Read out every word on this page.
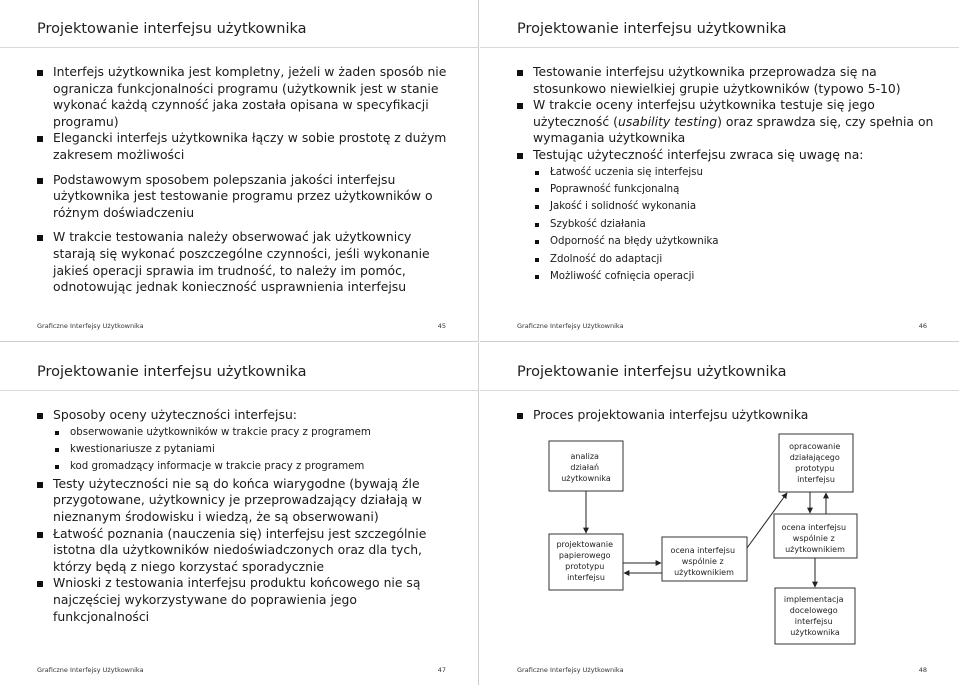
Projektowanie interfejsu użytkownika
Interfejs użytkownika jest kompletny, jeżeli w żaden sposób nie ogranicza funkcjonalności programu (użytkownik jest w stanie wykonać każdą czynność jaka została opisana w specyfikacji programu)
Elegancki interfejs użytkownika łączy w sobie prostotę z dużym zakresem możliwości
Podstawowym sposobem polepszania jakości interfejsu użytkownika jest testowanie programu przez użytkowników o różnym doświadczeniu
W trakcie testowania należy obserwować jak użytkownicy starają się wykonać poszczególne czynności, jeśli wykonanie jakieś operacji sprawia im trudność, to należy im pomóc, odnotowując jednak konieczność usprawnienia interfejsu
Graficzne Interfejsy Użytkownika	45
Projektowanie interfejsu użytkownika
Testowanie interfejsu użytkownika przeprowadza się na stosunkowo niewielkiej grupie użytkowników (typowo 5-10)
W trakcie oceny interfejsu użytkownika testuje się jego użyteczność (usability testing) oraz sprawdza się, czy spełnia on wymagania użytkownika
Testując użyteczność interfejsu zwraca się uwagę na:
Łatwość uczenia się interfejsu
Poprawność funkcjonalną
Jakość i solidność wykonania
Szybkość działania
Odporność na błędy użytkownika
Zdolność do adaptacji
Możliwość cofnięcia operacji
Graficzne Interfejsy Użytkownika	46
Projektowanie interfejsu użytkownika
Sposoby oceny użyteczności interfejsu:
obserwowanie użytkowników w trakcie pracy z programem
kwestionariusze z pytaniami
kod gromadzący informacje w trakcie pracy z programem
Testy użyteczności nie są do końca wiarygodne (bywają źle przygotowane, użytkownicy je przeprowadzający działają w nieznanym środowisku i wiedzą, że są obserwowani)
Łatwość poznania (nauczenia się) interfejsu jest szczególnie istotna dla użytkowników niedoświadczonych oraz dla tych, którzy będą z niego korzystać sporadycznie
Wnioski z testowania interfejsu produktu końcowego nie są najczęściej wykorzystywane do poprawienia jego funkcjonalności
Graficzne Interfejsy Użytkownika	47
Projektowanie interfejsu użytkownika
Proces projektowania interfejsu użytkownika
analiza działań użytkownika
projektowanie papierowego prototypu interfejsu
ocena interfejsu wspólnie z użytkownikiem
opracowanie działającego prototypu interfejsu
ocena interfejsu wspólnie z użytkownikiem
implementacja docelowego interfejsu użytkownika
Graficzne Interfejsy Użytkownika	48
